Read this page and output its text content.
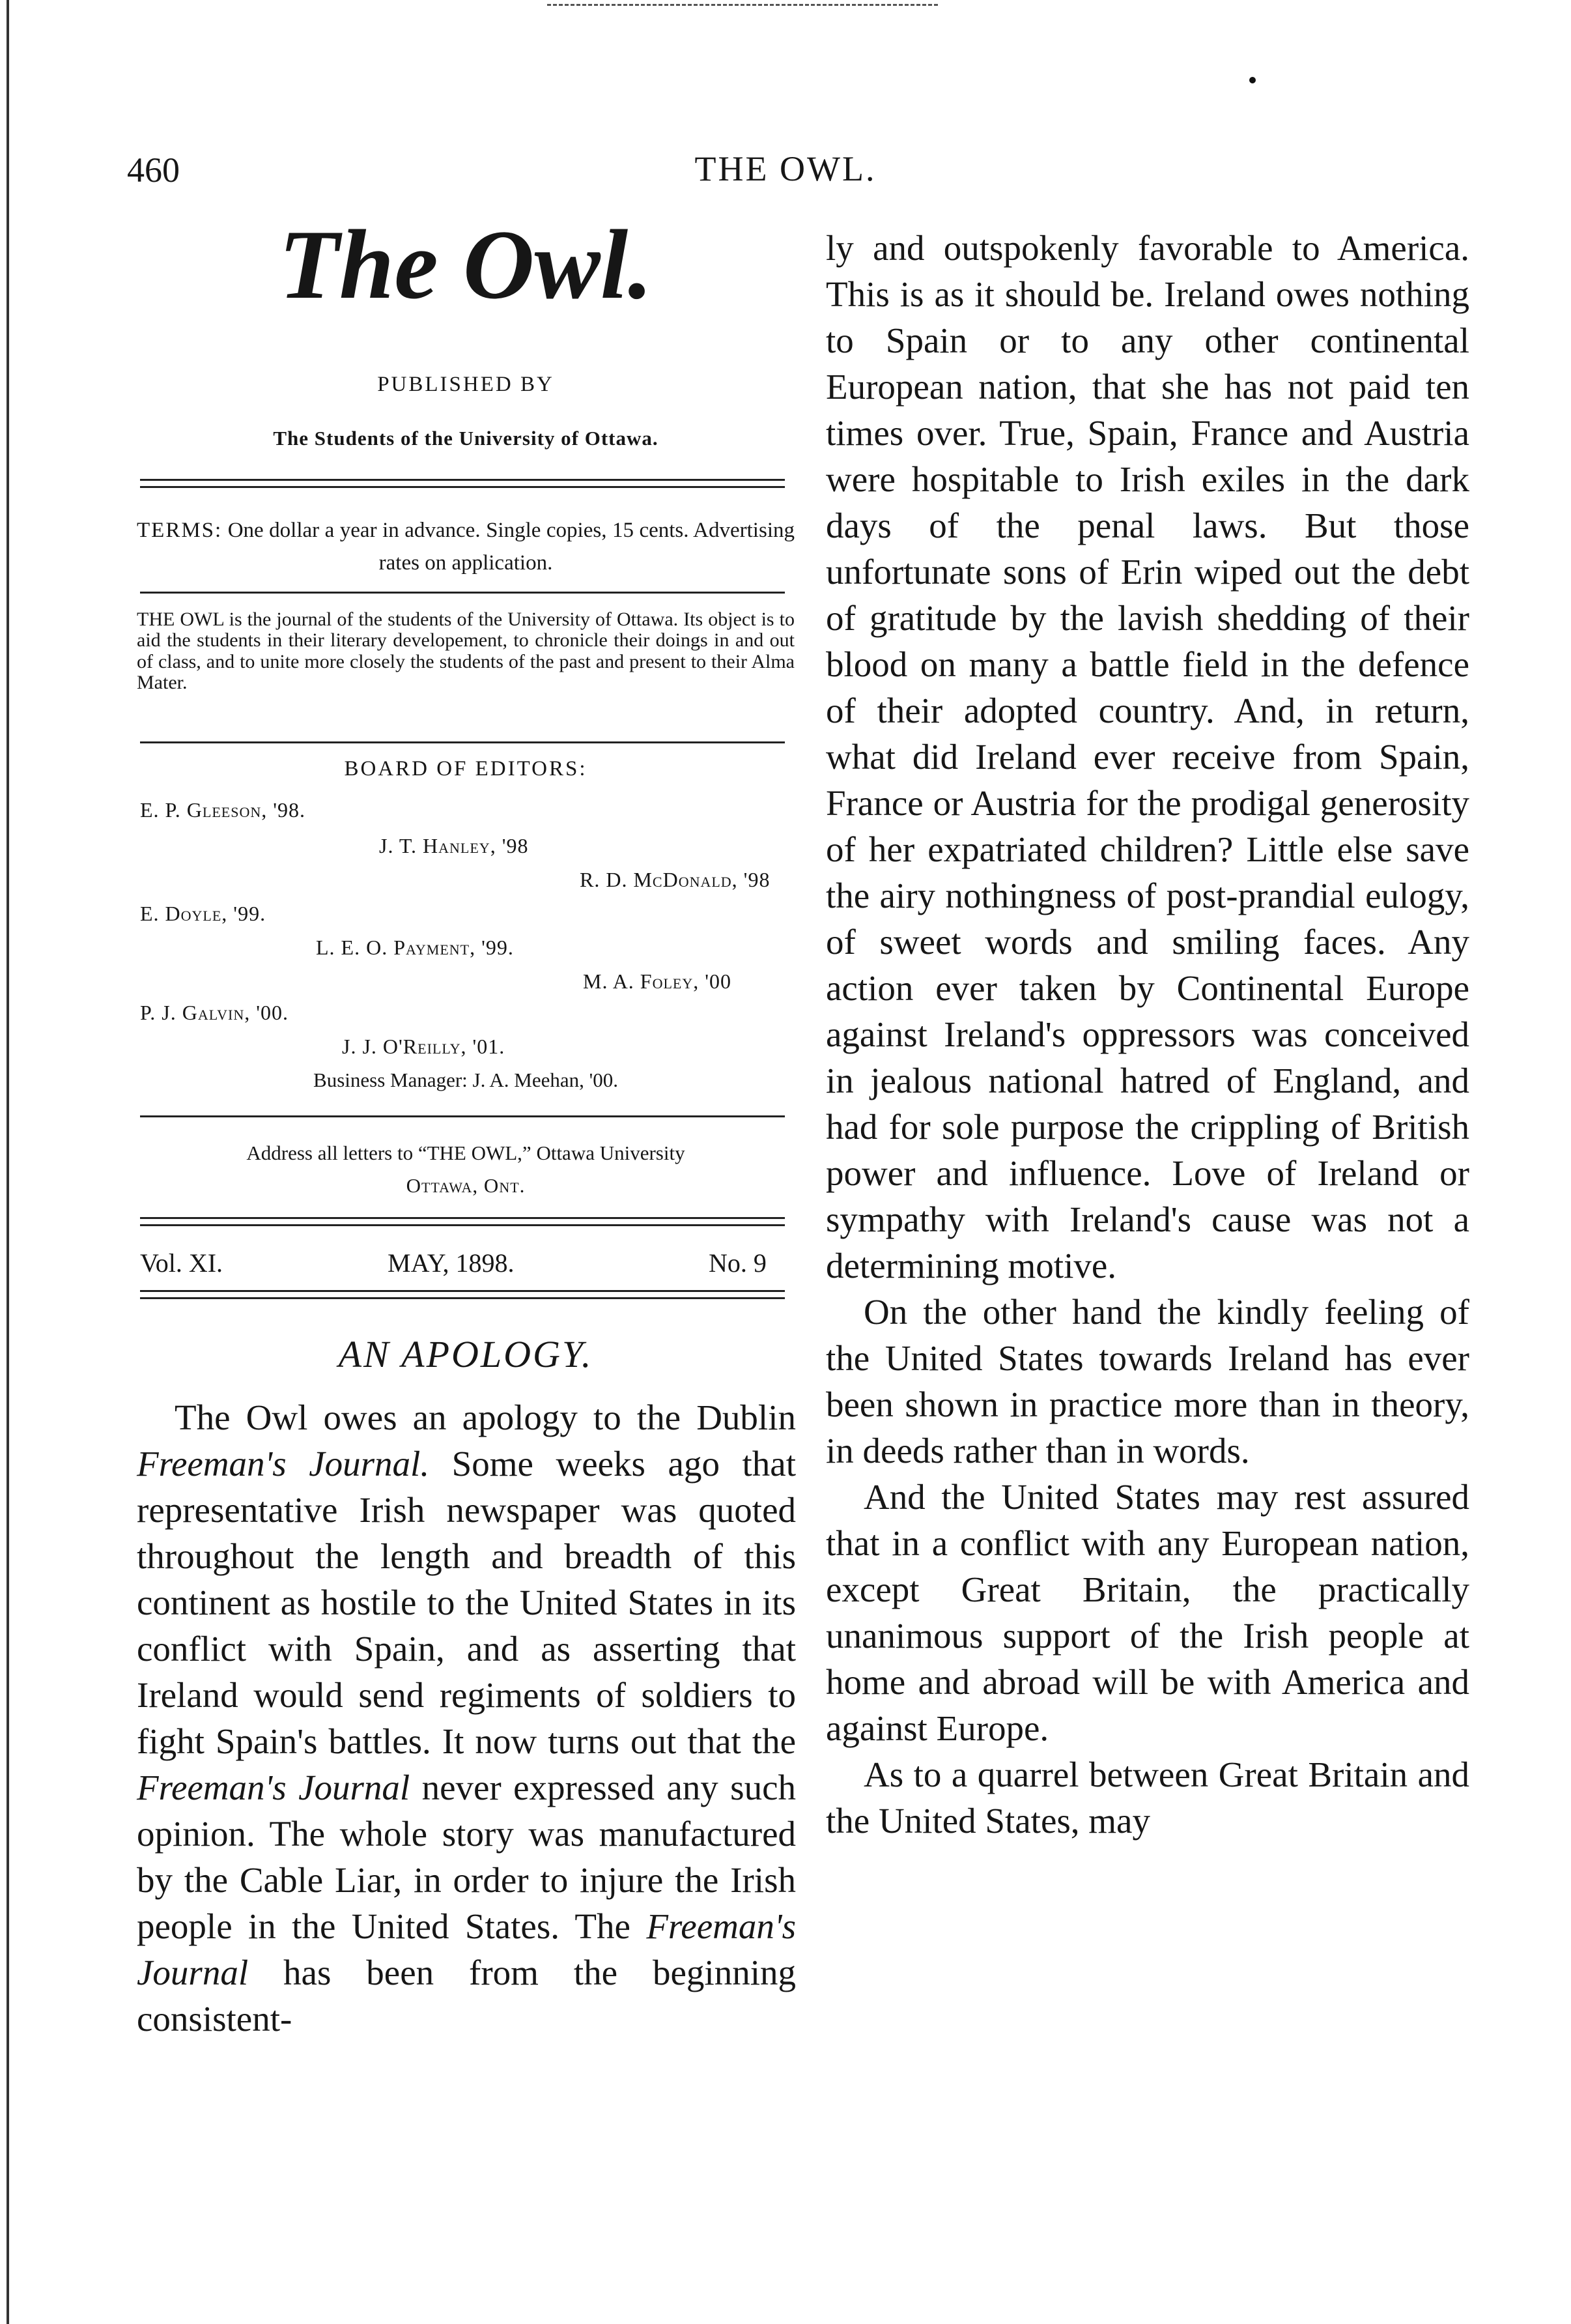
460	THE OWL.
The Owl.
PUBLISHED BY
The Students of the University of Ottawa.
TERMS: One dollar a year in advance. Single copies, 15 cents. Advertising rates on application.
THE OWL is the journal of the students of the University of Ottawa. Its object is to aid the students in their literary developement, to chronicle their doings in and out of class, and to unite more closely the students of the past and present to their Alma Mater.
BOARD OF EDITORS:
E. P. Gleeson, '98.
J. T. Hanley, '98
R. D. McDonald, '98
E. Doyle, '99.
L. E. O. Payment, '99.
M. A. Foley, '00
P. J. Galvin, '00.
J. J. O'Reilly, '01.
Business Manager: J. A. Meehan, '00.
Address all letters to “THE OWL,” Ottawa University
Ottawa, Ont.
Vol. XI.	MAY, 1898.	No. 9
AN APOLOGY.
The Owl owes an apology to the Dublin Freeman's Journal. Some weeks ago that representative Irish newspaper was quoted throughout the length and breadth of this continent as hostile to the United States in its conflict with Spain, and as asserting that Ireland would send regiments of soldiers to fight Spain's battles. It now turns out that the Freeman's Journal never expressed any such opinion. The whole story was manufactured by the Cable Liar, in order to injure the Irish people in the United States. The Freeman's Journal has been from the beginning consistent-

ly and outspokenly favorable to America. This is as it should be. Ireland owes nothing to Spain or to any other continental European nation, that she has not paid ten times over. True, Spain, France and Austria were hospitable to Irish exiles in the dark days of the penal laws. But those unfortunate sons of Erin wiped out the debt of gratitude by the lavish shedding of their blood on many a battle field in the defence of their adopted country. And, in return, what did Ireland ever receive from Spain, France or Austria for the prodigal generosity of her expatriated children? Little else save the airy nothingness of post-prandial eulogy, of sweet words and smiling faces. Any action ever taken by Continental Europe against Ireland's oppressors was conceived in jealous national hatred of England, and had for sole purpose the crippling of British power and influence. Love of Ireland or sympathy with Ireland's cause was not a determining motive.

On the other hand the kindly feeling of the United States towards Ireland has ever been shown in practice more than in theory, in deeds rather than in words.

And the United States may rest assured that in a conflict with any European nation, except Great Britain, the practically unanimous support of the Irish people at home and abroad will be with America and against Europe.

As to a quarrel between Great Britain and the United States, may
